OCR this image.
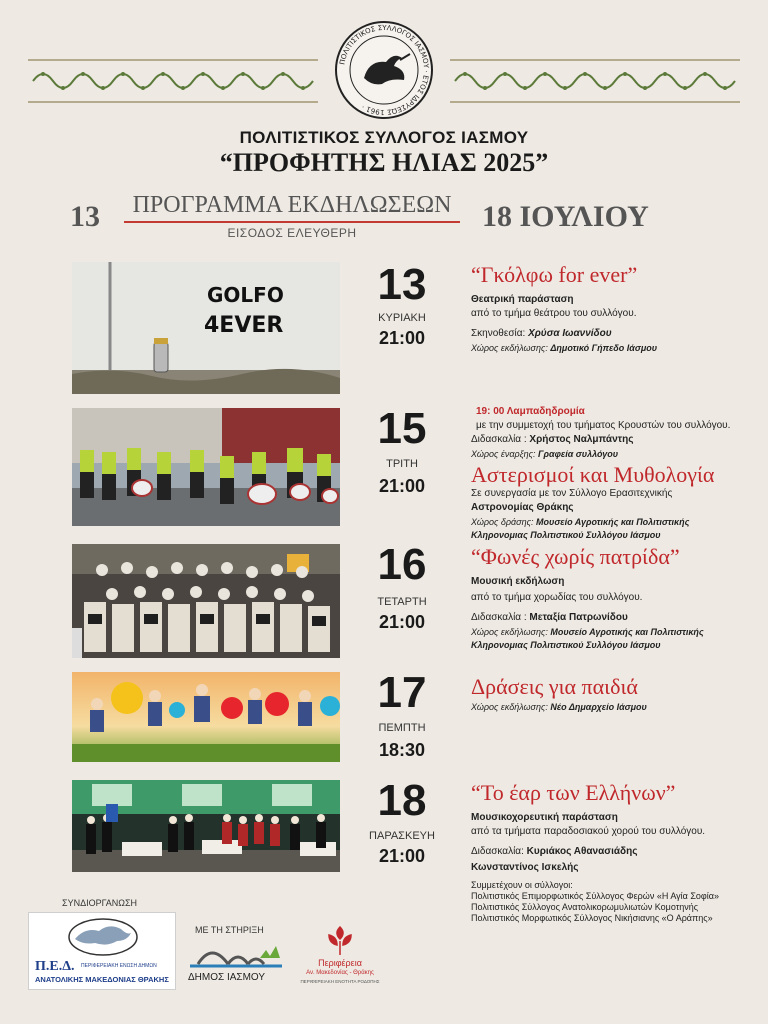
ΠΟΛΙΤΙΣΤΙΚΟΣ ΣΥΛΛΟΓΟΣ ΙΑΣΜΟΥ · ΕΤΟΣ ΙΔΡΥΣΕΩΣ 1961 ·
ΠΟΛΙΤΙΣΤΙΚΟΣ ΣΥΛΛΟΓΟΣ ΙΑΣΜΟΥ
“ΠΡΟΦΗΤΗΣ ΗΛΙΑΣ 2025”
13	ΠΡΟΓΡΑΜΜΑ ΕΚΔΗΛΩΣΕΩΝ
ΕΙΣΟΔΟΣ ΕΛΕΥΘΕΡΗ	18 ΙΟΥΛΙΟΥ
GOLFO
4EVER
13
ΚΥΡΙΑΚΗ
21:00
“Γκόλφω for ever”
Θεατρική παράσταση
από το τμήμα θεάτρου του συλλόγου.
Σκηνοθεσία: Χρύσα Ιωαννίδου
Χώρος εκδήλωσης: Δημοτικό Γήπεδο Ιάσμου
15
ΤΡΙΤΗ
21:00
19: 00 Λαμπαδηδρομία
με την συμμετοχή του τμήματος Κρουστών του συλλόγου.
Διδασκαλία : Χρήστος Ναλμπάντης
Χώρος έναρξης: Γραφεία συλλόγου
Αστερισμοί και Μυθολογία
Σε συνεργασία με τον Σύλλογο Ερασιτεχνικής
Αστρονομίας Θράκης
Χώρος δράσης: Μουσείο Αγροτικής και Πολιτιστικής
Κληρονομιας Πολιτιστικού Συλλόγου Ιάσμου
16
ΤΕΤΑΡΤΗ
21:00
“Φωνές χωρίς πατρίδα”
Μουσική εκδήλωση
από το τμήμα χορωδίας του συλλόγου.
Διδασκαλία : Μεταξία Πατρωνίδου
Χώρος εκδήλωσης: Μουσείο Αγροτικής και Πολιτιστικής
Κληρονομιας Πολιτιστικού Συλλόγου Ιάσμου
17
ΠΕΜΠΤΗ
18:30
Δράσεις για παιδιά
Χώρος εκδήλωσης: Νέο Δημαρχείο Ιάσμου
18
ΠΑΡΑΣΚΕΥΗ
21:00
“Το έαρ των Ελλήνων”
Μουσικοχορευτική παράσταση
από τα τμήματα παραδοσιακού χορού του συλλόγου.
Διδασκαλία: Κυριάκος Αθανασιάδης
Κωνσταντίνος Ισκελής
Συμμετέχουν οι σύλλογοι:
Πολιτιστικός Επιμορφωτικός Σύλλογος Φερών «Η Αγία Σοφία»
Πολιτιστικός Σύλλογος Ανατολικορωμυλιωτών Κομοτηνής
Πολιτιστικός Μορφωτικός Σύλλογος Νικήσιανης «Ο Αράπης»
ΣΥΝΔΙΟΡΓΑΝΩΣΗ
Π.Ε.Δ. ΠΕΡΙΦΕΡΕΙΑΚΗ ΕΝΩΣΗ ΔΗΜΩΝ
ΑΝΑΤΟΛΙΚΗΣ ΜΑΚΕΔΟΝΙΑΣ ΘΡΑΚΗΣ
ΜΕ ΤΗ ΣΤΗΡΙΞΗ
ΔΗΜΟΣ ΙΑΣΜΟΥ
Περιφέρεια
Αν. Μακεδονίας - Θράκης
ΠΕΡΙΦΕΡΕΙΑΚΗ ΕΝΟΤΗΤΑ ΡΟΔΟΠΗΣ
